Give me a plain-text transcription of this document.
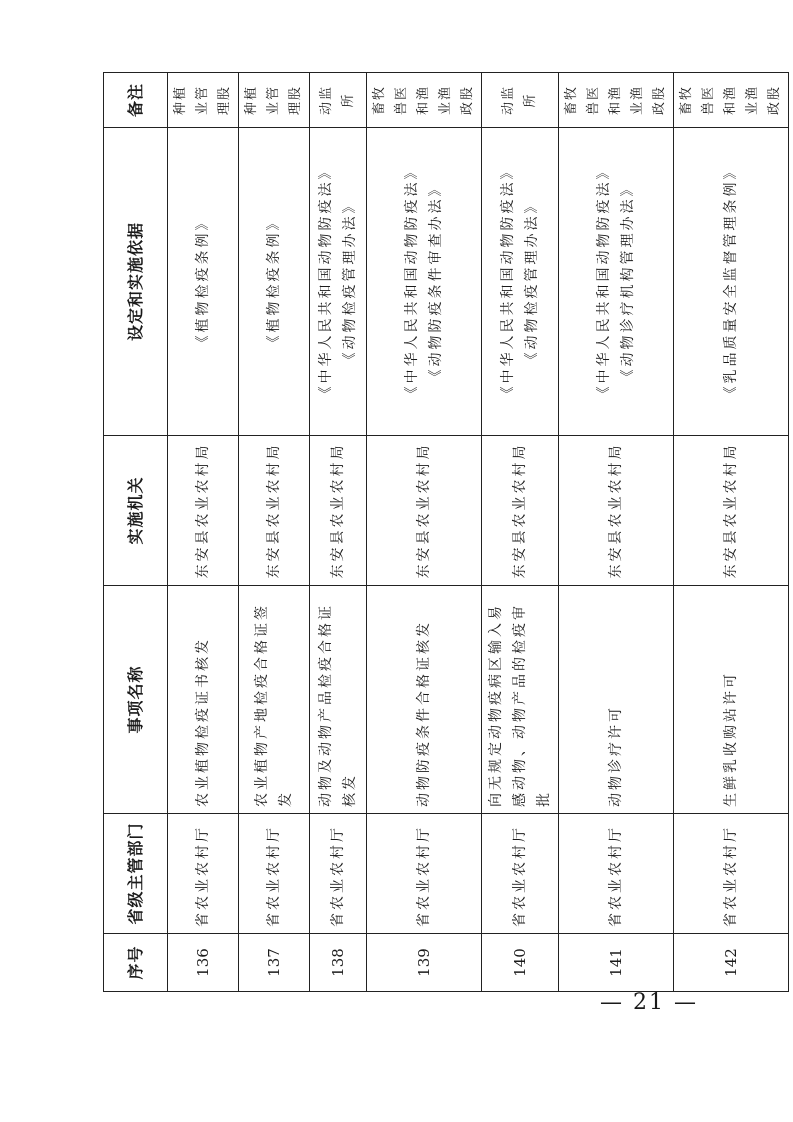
序号	省级主管部门	事项名称	实施机关	设定和实施依据	备注
136	省农业农村厅	农业植物检疫证书核发	东安县农业农村局	《植物检疫条例》	种植业管理股
137	省农业农村厅	农业植物产地检疫合格证签发	东安县农业农村局	《植物检疫条例》	种植业管理股
138	省农业农村厅	动物及动物产品检疫合格证核发	东安县农业农村局	《中华人民共和国动物防疫法》 《动物检疫管理办法》	动监所
139	省农业农村厅	动物防疫条件合格证核发	东安县农业农村局	《中华人民共和国动物防疫法》 《动物防疫条件审查办法》	畜牧兽医和渔业渔政股
140	省农业农村厅	向无规定动物疫病区输入易感动物、动物产品的检疫审批	东安县农业农村局	《中华人民共和国动物防疫法》 《动物检疫管理办法》	动监所
141	省农业农村厅	动物诊疗许可	东安县农业农村局	《中华人民共和国动物防疫法》 《动物诊疗机构管理办法》	畜牧兽医和渔业渔政股
142	省农业农村厅	生鲜乳收购站许可	东安县农业农村局	《乳品质量安全监督管理条例》	畜牧兽医和渔业渔政股
— 21 —
